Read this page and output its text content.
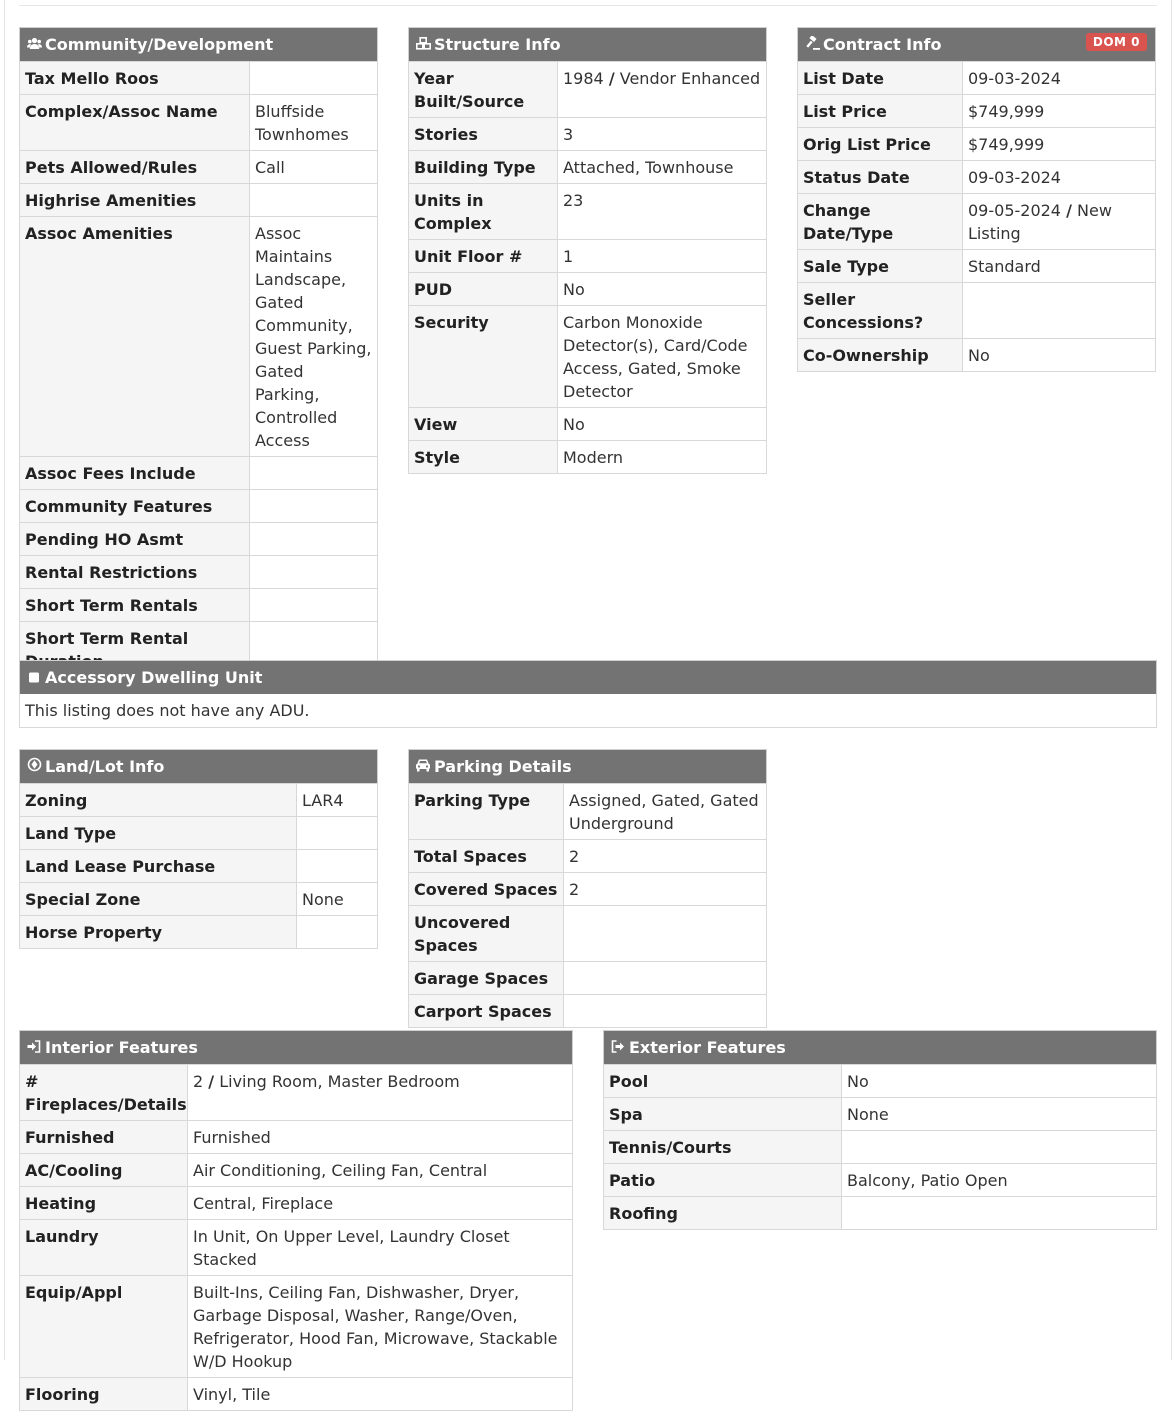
Community/Development
Tax Mello Roos	
Complex/Assoc Name	Bluffside Townhomes
Pets Allowed/Rules	Call
Highrise Amenities	
Assoc Amenities	Assoc Maintains Landscape, Gated Community, Guest Parking, Gated Parking, Controlled Access
Assoc Fees Include	
Community Features	
Pending HO Asmt	
Rental Restrictions	
Short Term Rentals	
Short Term Rental	
Structure Info
Year Built/Source	1984 / Vendor Enhanced
Stories	3
Building Type	Attached, Townhouse
Units in Complex	23
Unit Floor #	1
PUD	No
Security	Carbon Monoxide Detector(s), Card/Code Access, Gated, Smoke Detector
View	No
Style	Modern
Contract Info	DOM 0
List Date	09-03-2024
List Price	$749,999
Orig List Price	$749,999
Status Date	09-03-2024
Change Date/Type	09-05-2024 / New Listing
Sale Type	Standard
Seller Concessions?	
Co-Ownership	No
Accessory Dwelling Unit
This listing does not have any ADU.
Land/Lot Info
Zoning	LAR4
Land Type	
Land Lease Purchase	
Special Zone	None
Horse Property	
Parking Details
Parking Type	Assigned, Gated, Gated Underground
Total Spaces	2
Covered Spaces	2
Uncovered Spaces	
Garage Spaces	
Carport Spaces	
Interior Features
# Fireplaces/Details	2 / Living Room, Master Bedroom
Furnished	Furnished
AC/Cooling	Air Conditioning, Ceiling Fan, Central
Heating	Central, Fireplace
Laundry	In Unit, On Upper Level, Laundry Closet Stacked
Equip/Appl	Built-Ins, Ceiling Fan, Dishwasher, Dryer, Garbage Disposal, Washer, Range/Oven, Refrigerator, Hood Fan, Microwave, Stackable W/D Hookup
Flooring	Vinyl, Tile
Exterior Features
Pool	No
Spa	None
Tennis/Courts	
Patio	Balcony, Patio Open
Roofing	
